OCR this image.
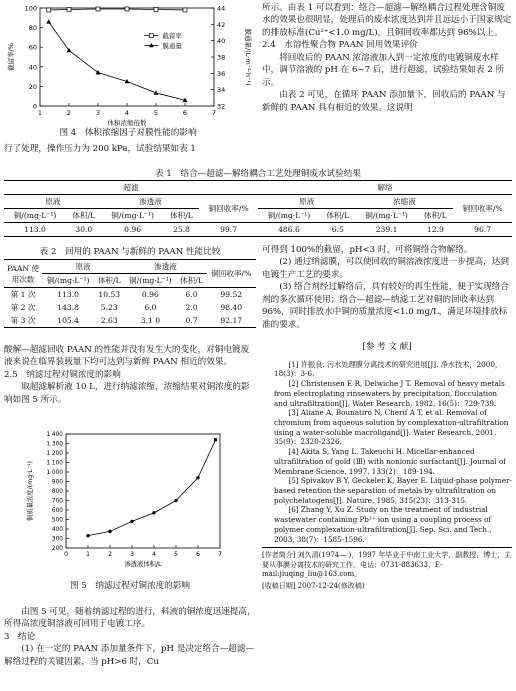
0
20
40
60
80
100
32
34
36
38
40
42
44
1	2	3	4	5	6	7
体积浓缩倍数
截留率/%	膜通量/(L·m⁻²·h⁻¹)
截留率
膜通量
图 4　体积浓缩因子对膜性能的影响

行了处理，操作压力为 200 kPa，试验结果如表 1

所示。由表 1 可以看到：络合—超滤—解络耦合过程处理含铜废水的效果也很明显，处理后的废水浓度达到并且远远小于国家规定的排放标准(Cu²⁺<1.0 mg/L)，且铜回收率都达到 96%以上。

2.4　水溶性聚合物 PAAN 回用效果评价

将回收后的 PAAN 浓溶液加入到一定浓度的电镀铜废水样中，调节溶液的 pH 在 6~7 后，进行超滤，试验结果如表 2 所示。

由表 2 可见，在循环 PAAN 添加量下，回收后的 PAAN 与新鲜的 PAAN 具有相近的效果。这说明

表 1　络合—超滤—解络耦合工艺处理铜废水试验结果
超滤					解络				
原液		渗透液		铜回收率/%	原液		浓缩液		铜回收率/%
铜/(mg·L⁻¹)	体积/L	铜/(mg·L⁻¹)	体积/L		铜/(mg·L⁻¹)	体积/L	铜/(mg·L⁻¹)	体积/L	
113.0	30.0	0.96	25.8	99.7	486.6	6.5	239.1	12.9	96.7
表 2　回用的 PAAN 与新鲜的 PAAN 性能比较
PAAN 使用次数	原液		渗透液		铜回收率/%
	铜/(mg·L⁻¹)	体积/L	铜/(mg·L⁻¹)	体积/L	
第 1 次	113.0	10.53	0.96	6.0	99.52
第 2 次	143.8	5.23	6.0	2.0	98.40
第 3 次	105.4	2.63	3.1 0	0.7	92.17

酸解—超滤回收 PAAN 的性能并没有发生大的变化，对铜电镀废液来说在临界装载量下均可达到与新鲜 PAAN 相近的效果。

2.5　纳滤过程对铜浓度的影响

取超滤解析液 10 L，进行纳滤浓缩，浓缩结果对铜浓度的影响如图 5 所示。

200
300
400
500
600
700
800
900
1 000
1 100
1 200
1 300
1 400
0	1	2	3	4	5	6	7
渗透液体积/L
铜质量浓度/(mg·L⁻¹)
图 5　纳滤过程对铜浓度的影响

由图 5 可见，随着纳滤过程的进行，料液的铜浓度迅速提高，所得高浓度铜溶液可回用于电镀工序。

3　结论

(1) 在一定的 PAAN 添加量条件下，pH 是决定络合—超滤—解络过程的关键因素，当 pH>6 时，Cu

可得到 100%的截留，pH<3 时，可将铜络合物解络。

(2) 通过纳滤膜，可以使回收的铜溶液浓度进一步提高，达到电镀生产工艺的要求。

(3) 络合剂经过解络后，具有较好的再生性能，便于实现络合剂的多次循环使用；络合—超滤—纳滤工艺对铜的回收率达到 96%，同时排放水中铜的质量浓度<1.0 mg/L，满足环境排放标准的要求。

[参 考 文 献]

[1] 许振良. 污水处理膜分离技术的研究进展[J]. 净水技术，2000，18(3)：3-6.

[2] Christensen E R, Delwiche J T. Removal of heavy metals from electroplating rinsewaters by precipitation, flocculation and ultrafiltration[J]. Water Research, 1982, 16(5)：729-739.

[3] Aliane A, Bounatiro N, Cherif A T, et al. Removal of chromium from aqueous solution by complexation-ultrafiltration using a water-soluble macroligand[J]. Water Research, 2001, 35(9)：2320-2326.

[4] Akita S, Yang L, Takeuchi H. Micellar-enhanced ultrafiltration of gold (Ⅲ) with nonionic surfactant[J]. Journal of Membrane Science, 1997, 133(2)：189-194.

[5] Spivakov B Y, Geckeler K, Bayer E. Liquid-phase polymer-based retention the separation of metals by ultrafiltration on polychelatogens[J]. Nature, 1985, 315(23)：313-315.

[6] Zhang Y, Xu Z. Study on the treatment of industrial wastewater containing Pb²⁺ ion using a coupling process of polymer complexation-ultrafiltration[J]. Sep. Sci. and Tech., 2003, 38(7)：1585-1596.

[作者简介] 刘久清(1974— )，1997 年毕业于中南工业大学，副教授，博士，主要从事膜分离技术的研究工作。电话：0731-883633，E-mail:jiuqing_liu@163.com。
[收稿日期] 2007-12-24(修改稿)
